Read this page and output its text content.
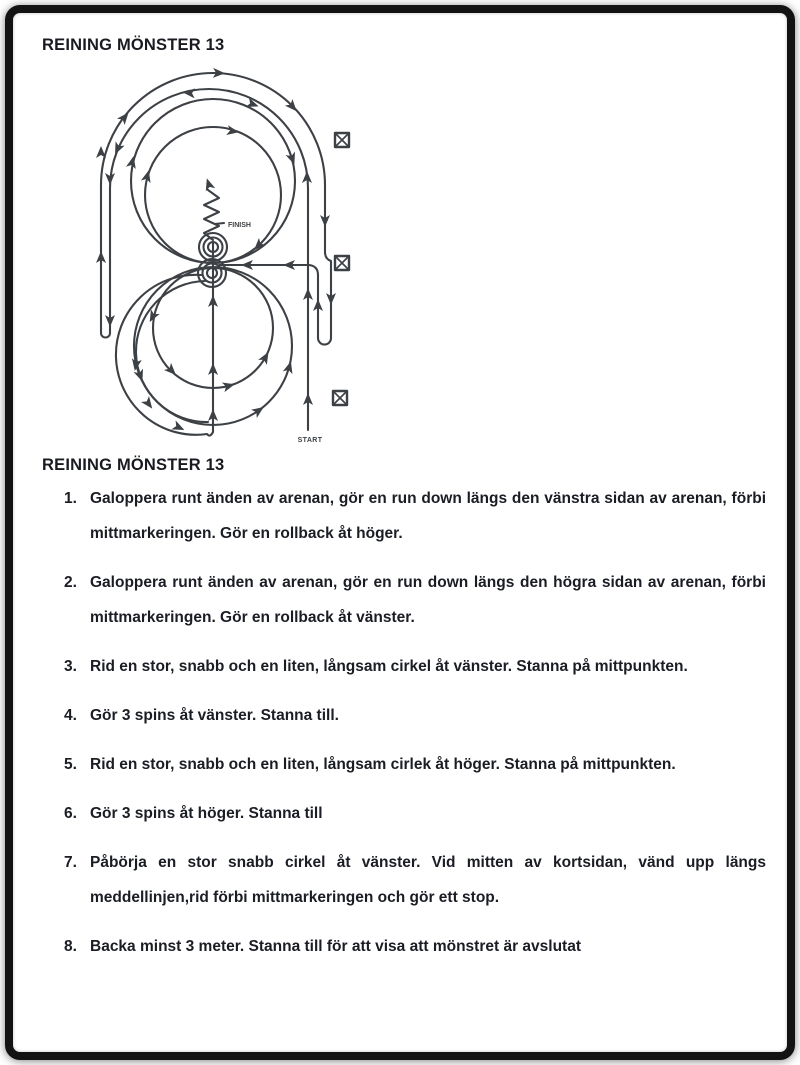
REINING MÖNSTER 13
FINISH
START
REINING MÖNSTER 13
1. Galoppera runt änden av arenan, gör en run down längs den vänstra sidan av arenan, förbi mittmarkeringen. Gör en rollback åt höger.
2. Galoppera runt änden av arenan, gör en run down längs den högra sidan av arenan, förbi mittmarkeringen. Gör en rollback åt vänster.
3. Rid en stor, snabb och en liten, långsam cirkel åt vänster. Stanna på mittpunkten.
4. Gör 3 spins åt vänster. Stanna till.
5. Rid en stor, snabb och en liten, långsam cirlek åt höger. Stanna på mittpunkten.
6. Gör 3 spins åt höger. Stanna till
7. Påbörja en stor snabb cirkel åt vänster. Vid mitten av kortsidan, vänd upp längs meddellinjen,rid förbi mittmarkeringen och gör ett stop.
8. Backa minst 3 meter. Stanna till för att visa att mönstret är avslutat
